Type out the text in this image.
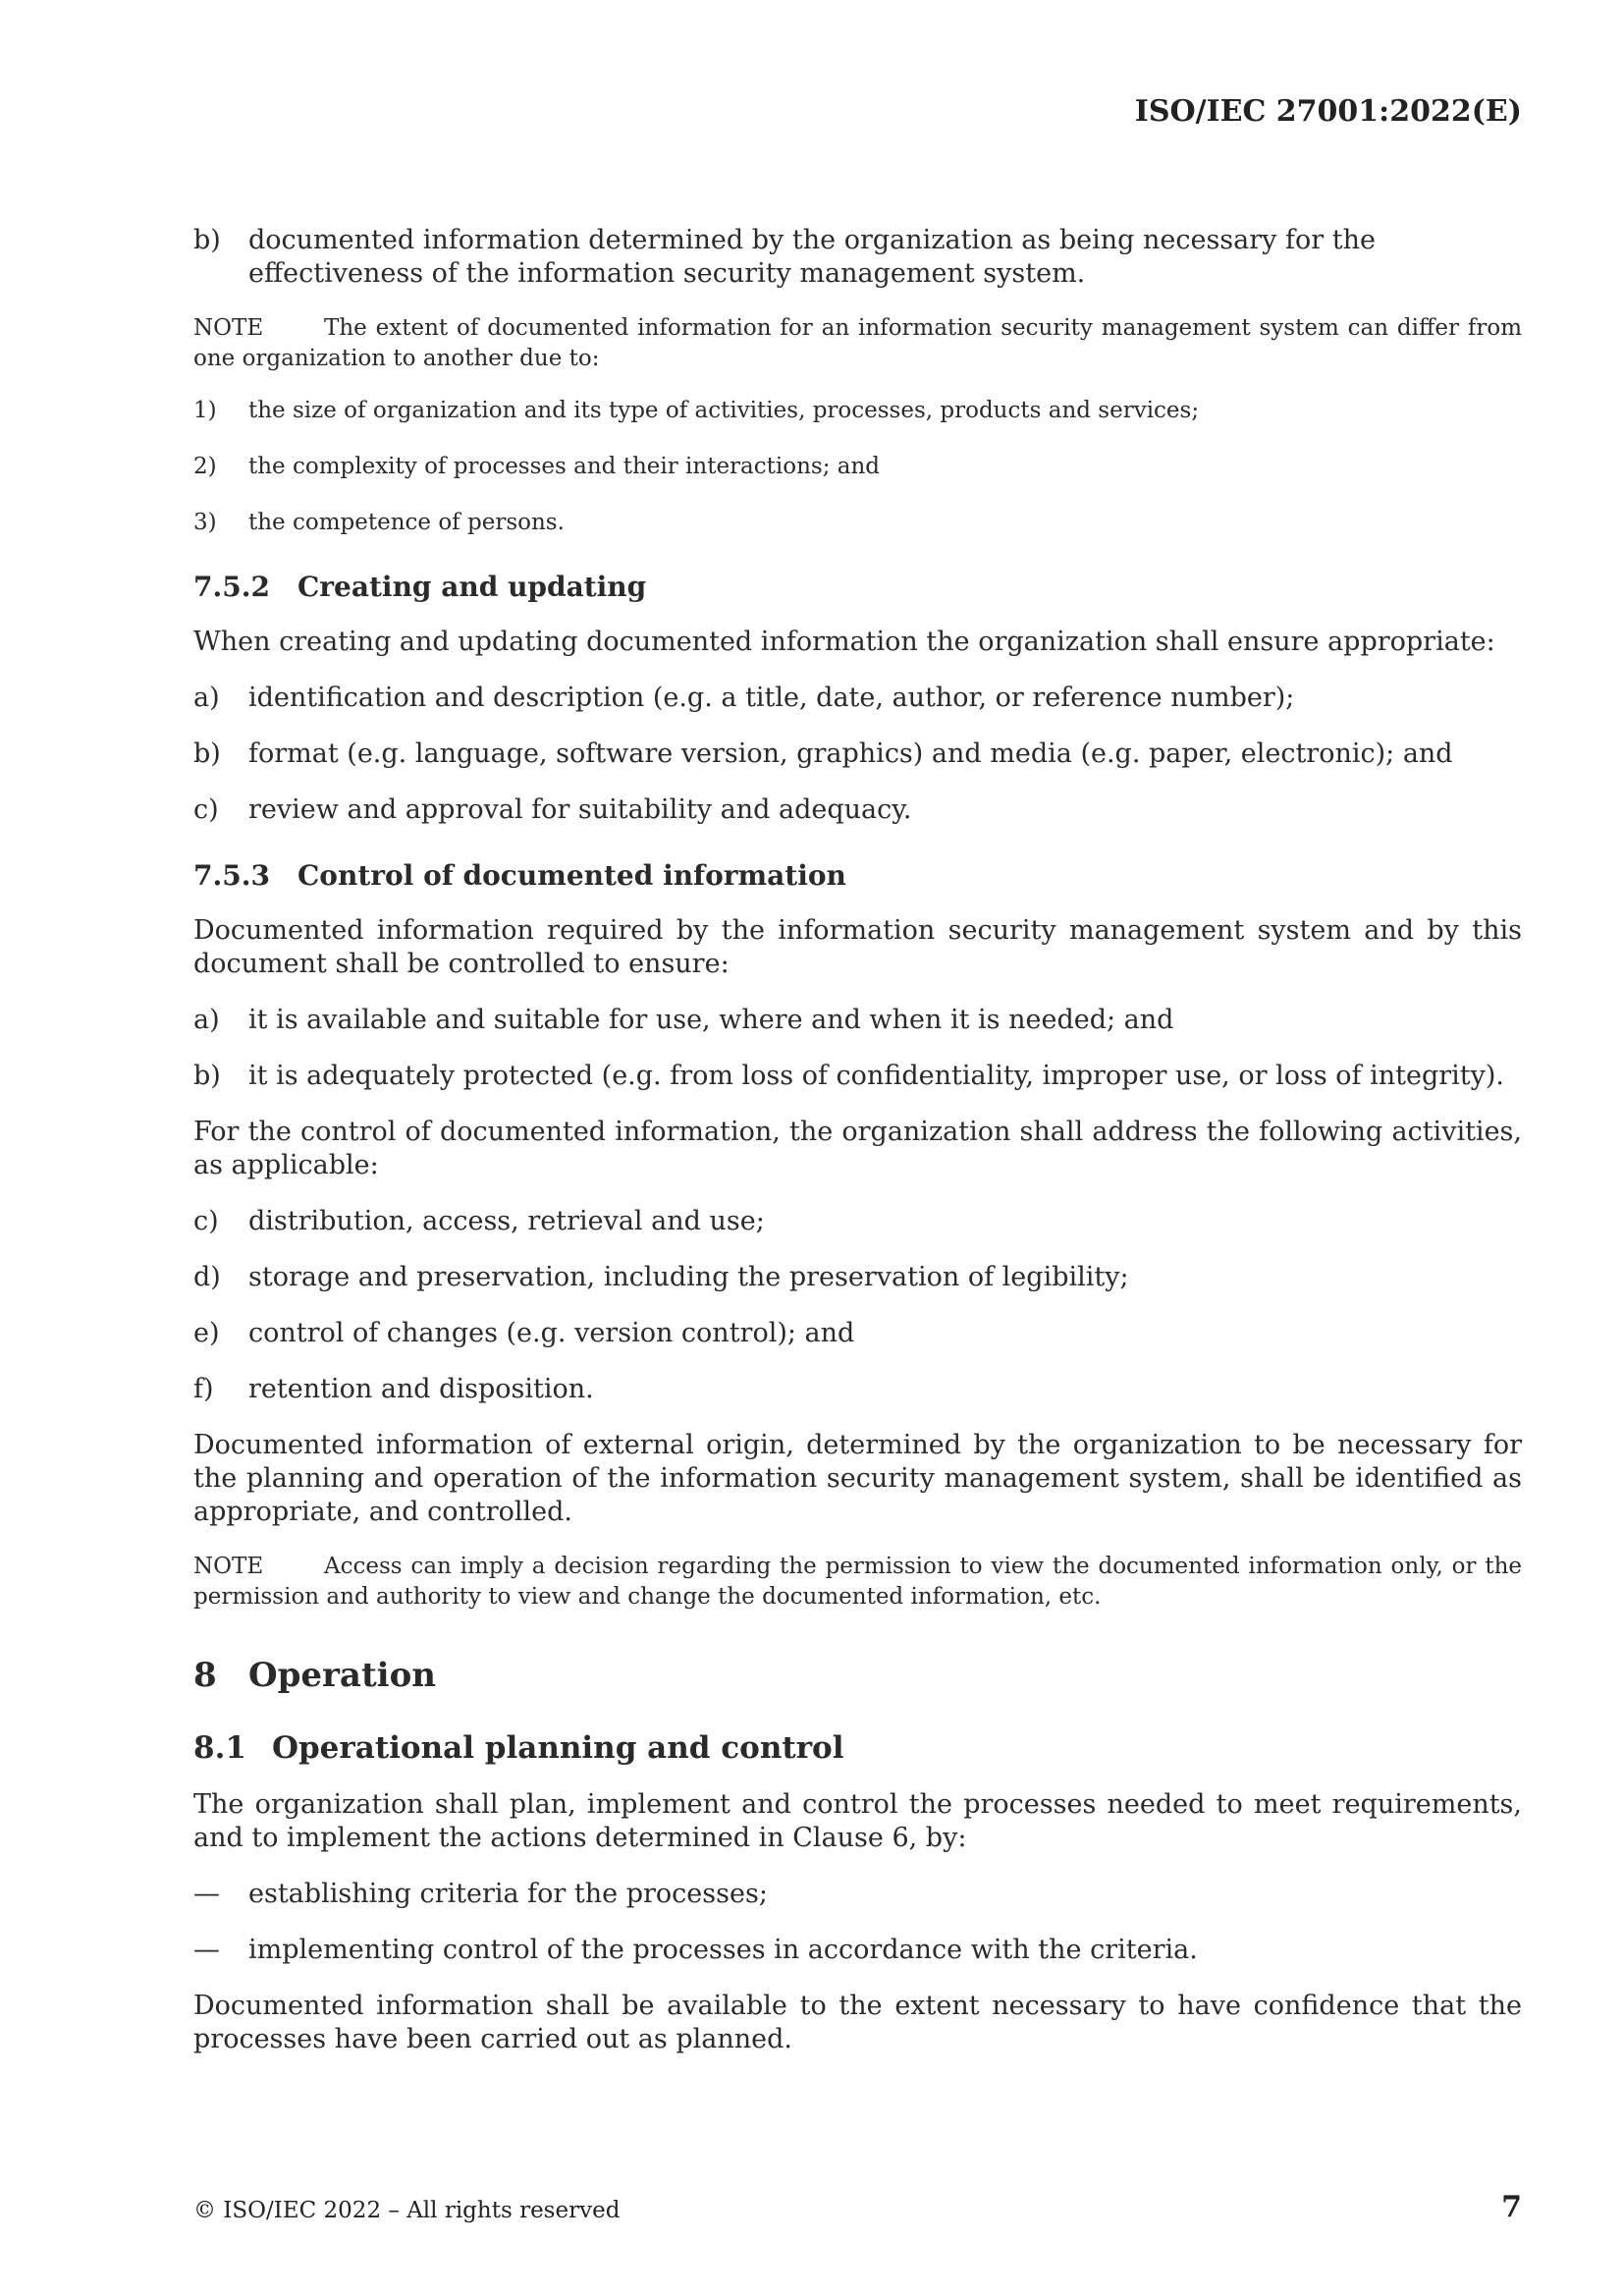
ISO/IEC 27001:2022(E)
b)	documented information determined by the organization as being necessary for the effectiveness of the information security management system.
NOTE	The extent of documented information for an information security management system can differ from one organization to another due to:
1)	the size of organization and its type of activities, processes, products and services;
2)	the complexity of processes and their interactions; and
3)	the competence of persons.
7.5.2	Creating and updating
When creating and updating documented information the organization shall ensure appropriate:
a)	identification and description (e.g. a title, date, author, or reference number);
b)	format (e.g. language, software version, graphics) and media (e.g. paper, electronic); and
c)	review and approval for suitability and adequacy.
7.5.3	Control of documented information
Documented information required by the information security management system and by this document shall be controlled to ensure:
a)	it is available and suitable for use, where and when it is needed; and
b)	it is adequately protected (e.g. from loss of confidentiality, improper use, or loss of integrity).
For the control of documented information, the organization shall address the following activities, as applicable:
c)	distribution, access, retrieval and use;
d)	storage and preservation, including the preservation of legibility;
e)	control of changes (e.g. version control); and
f)	retention and disposition.
Documented information of external origin, determined by the organization to be necessary for the planning and operation of the information security management system, shall be identified as appropriate, and controlled.
NOTE	Access can imply a decision regarding the permission to view the documented information only, or the permission and authority to view and change the documented information, etc.
8 Operation
8.1 Operational planning and control
The organization shall plan, implement and control the processes needed to meet requirements, and to implement the actions determined in Clause 6, by:
—	establishing criteria for the processes;
—	implementing control of the processes in accordance with the criteria.
Documented information shall be available to the extent necessary to have confidence that the processes have been carried out as planned.
© ISO/IEC 2022 – All rights reserved	7
